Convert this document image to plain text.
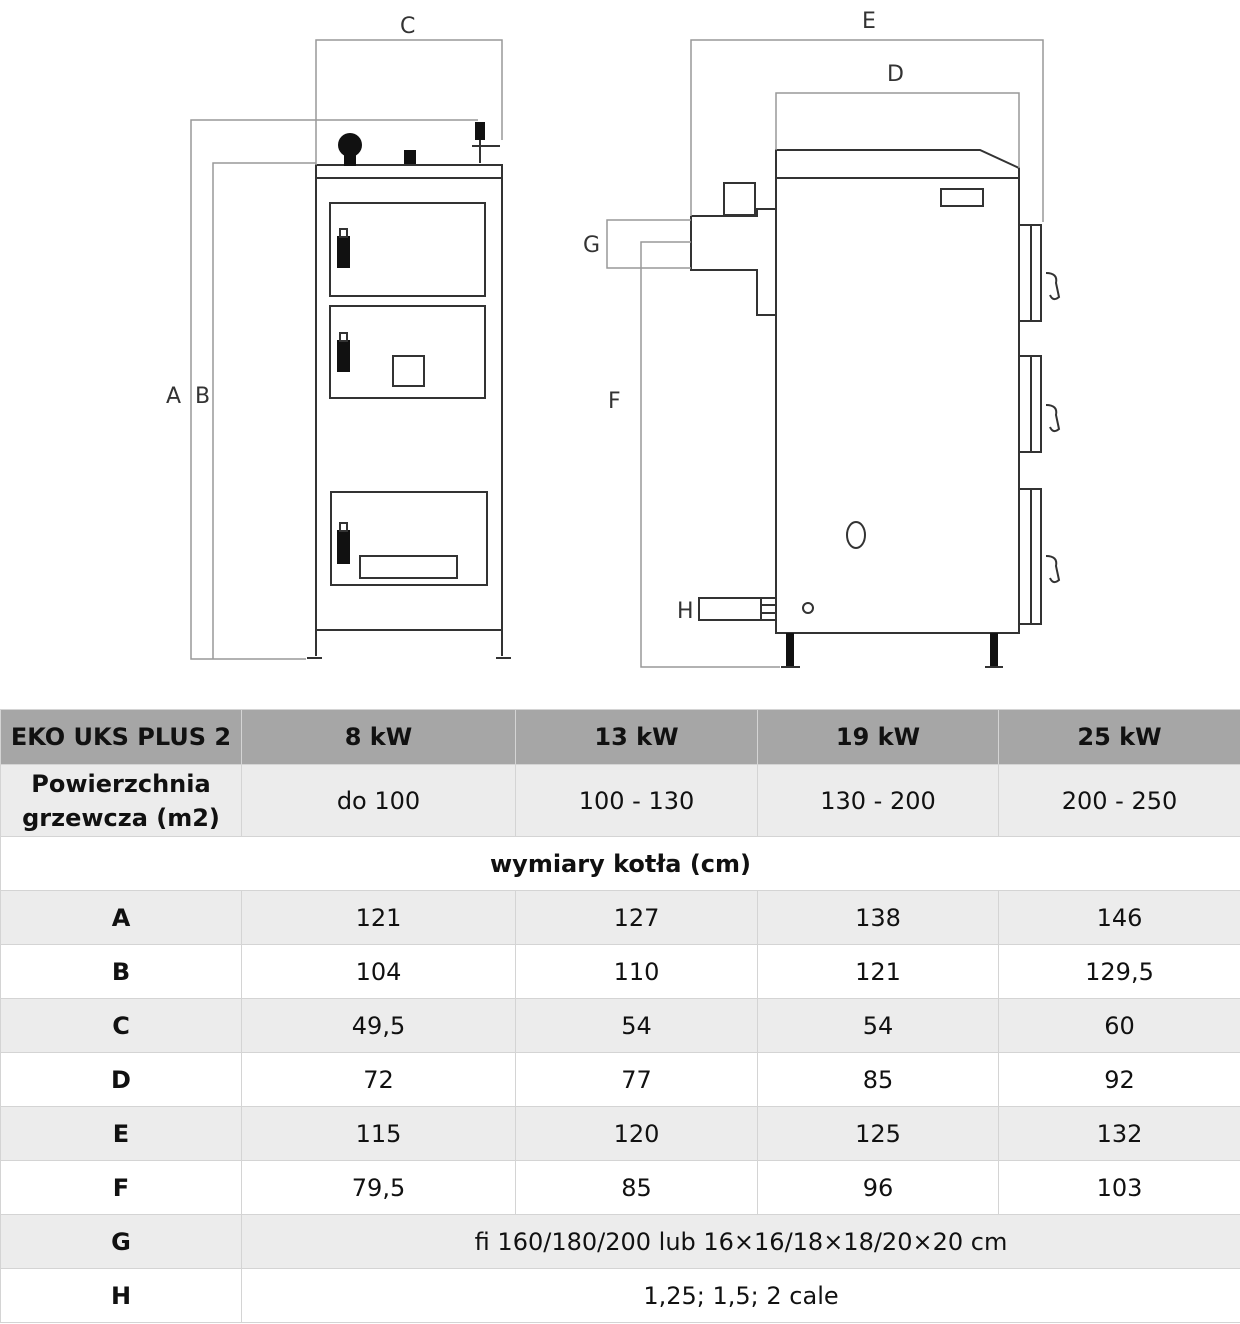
A B
C
D
E
F
G
H
EKO UKS PLUS 2	8 kW	13 kW	19 kW	25 kW
Powierzchnia
grzewcza (m2)	do 100	100 - 130	130 - 200	200 - 250
wymiary kotła (cm)				
A	121	127	138	146
B	104	110	121	129,5
C	49,5	54	54	60
D	72	77	85	92
E	115	120	125	132
F	79,5	85	96	103
G	fi 160/180/200 lub 16×16/18×18/20×20 cm			
H	1,25; 1,5; 2 cale			
